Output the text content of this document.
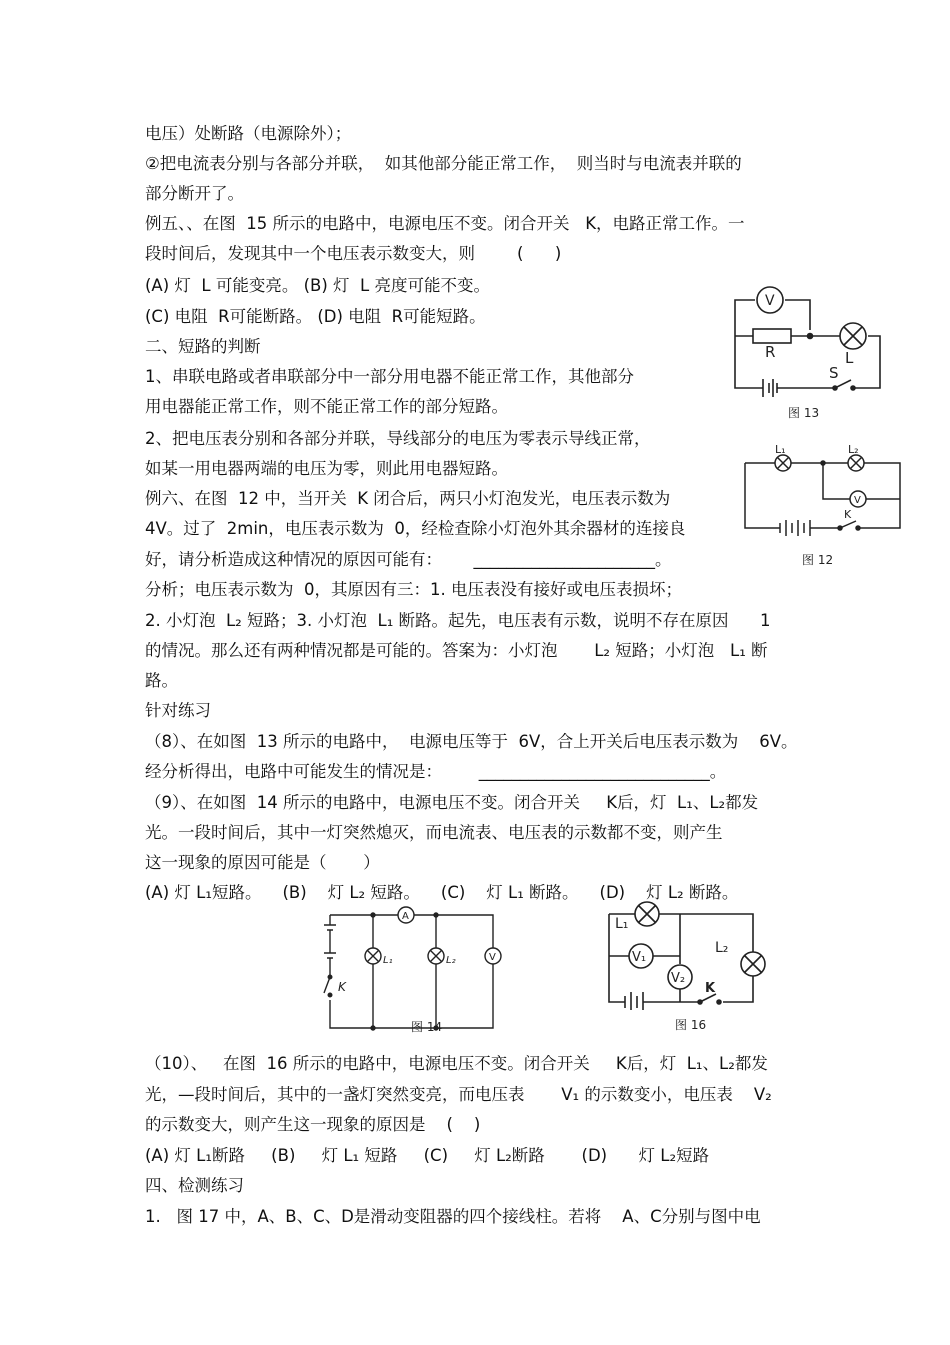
电压）处断路（电源除外）；
②把电流表分别与各部分并联，  如其他部分能正常工作，  则当时与电流表并联的
部分断开了。
例五、、在图  15 所示的电路中，电源电压不变。闭合开关   K，电路正常工作。一
段时间后，发现其中一个电压表示数变大，则        (      )
(A) 灯  L 可能变亮。 (B) 灯  L 亮度可能不变。
(C) 电阻  R可能断路。 (D) 电阻  R可能短路。
二、短路的判断
1、串联电路或者串联部分中一部分用电器不能正常工作，其他部分
用电器能正常工作，则不能正常工作的部分短路。
2、把电压表分别和各部分并联，导线部分的电压为零表示导线正常，
如某一用电器两端的电压为零，则此用电器短路。
例六、在图  12 中，当开关  K 闭合后，两只小灯泡发光，电压表示数为
4V。过了  2min，电压表示数为  0，经检查除小灯泡外其余器材的连接良
好，请分析造成这种情况的原因可能有：      ______________________。
分析；电压表示数为  0，其原因有三：1. 电压表没有接好或电压表损坏；
2. 小灯泡  L₂ 短路；3. 小灯泡  L₁ 断路。起先，电压表有示数，说明不存在原因      1
的情况。那么还有两种情况都是可能的。答案为：小灯泡       L₂ 短路；小灯泡   L₁ 断
路。
针对练习
（8）、在如图  13 所示的电路中，  电源电压等于  6V，合上开关后电压表示数为    6V。
经分析得出，电路中可能发生的情况是：       ____________________________。
（9）、在如图  14 所示的电路中，电源电压不变。闭合开关     K后，灯  L₁、L₂都发
光。一段时间后，其中一灯突然熄灭，而电流表、电压表的示数都不变，则产生
这一现象的原因可能是（       ）
(A) 灯 L₁短路。    (B)    灯 L₂ 短路。    (C)    灯 L₁ 断路。    (D)    灯 L₂ 断路。
（10）、   在图  16 所示的电路中，电源电压不变。闭合开关     K后，灯  L₁、L₂都发
光，—段时间后，其中的一盏灯突然变亮，而电压表       V₁ 的示数变小，电压表    V₂
的示数变大，则产生这一现象的原因是    (    )
(A) 灯 L₁断路     (B)     灯 L₁ 短路     (C)     灯 L₂断路       (D)      灯 L₂短路
四、检测练习
1.   图 17 中，A、B、C、D是滑动变阻器的四个接线柱。若将    A、C分别与图中电
V
R	L
S
图 13
L₁	L₂
V
K
图 12
A
L₁	L₂	V
K
图 14
V₁
V₂
L₁
L₂
K
图 16
